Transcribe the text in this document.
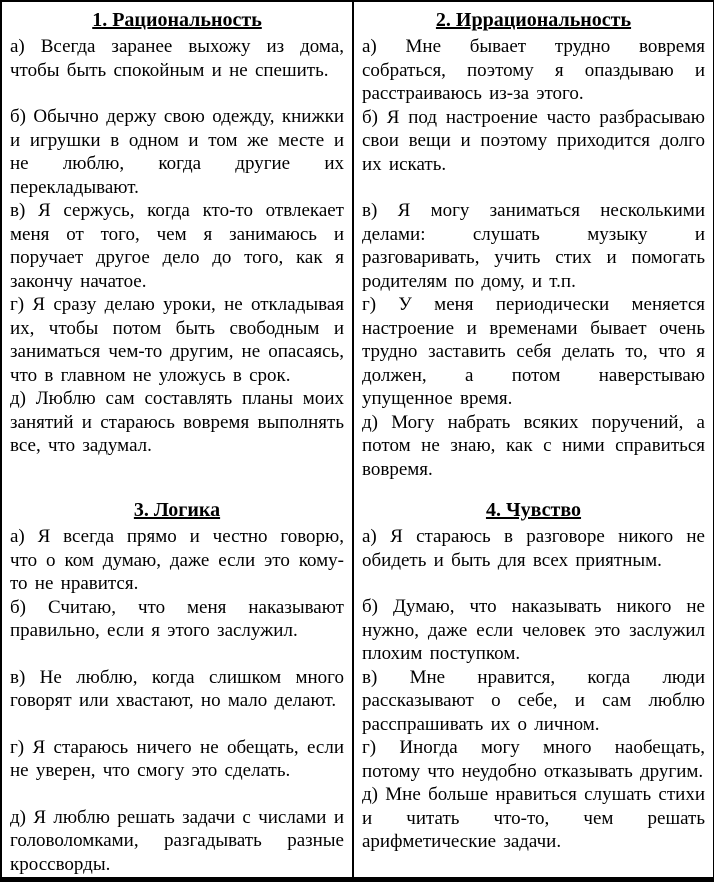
1. Рациональность

а) Всегда заранее выхожу из дома, чтобы быть спокойным и не спешить.

б) Обычно держу свою одежду, книжки и игрушки в одном и том же месте и не люблю, когда другие их перекладывают.

в) Я сержусь, когда кто-то отвлекает меня от того, чем я занимаюсь и поручает другое дело до того, как я закончу начатое.

г) Я сразу делаю уроки, не откладывая их, чтобы потом быть свободным и заниматься чем-то другим, не опасаясь, что в главном не уложусь в срок.

д) Люблю сам составлять планы моих занятий и стараюсь вовремя выполнять все, что задумал.

2. Иррациональность

а) Мне бывает трудно вовремя собраться, поэтому я опаздываю и расстраиваюсь из-за этого.

б) Я под настроение часто разбрасываю свои вещи и поэтому приходится долго их искать.

в) Я могу заниматься несколькими делами: слушать музыку и разговаривать, учить стих и помогать родителям по дому, и т.п.

г) У меня периодически меняется настроение и временами бывает очень трудно заставить себя делать то, что я должен, а потом наверстываю упущенное время.

д) Могу набрать всяких поручений, а потом не знаю, как с ними справиться вовремя.

3. Логика

а) Я всегда прямо и честно говорю, что о ком думаю, даже если это кому-то не нравится.

б) Считаю, что меня наказывают правильно, если я этого заслужил.

в) Не люблю, когда слишком много говорят или хвастают, но мало делают.

г) Я стараюсь ничего не обещать, если не уверен, что смогу это сделать.

д) Я люблю решать задачи с числами и головоломками, разгадывать разные кроссворды.

4. Чувство

а) Я стараюсь в разговоре никого не обидеть и быть для всех приятным.

б) Думаю, что наказывать никого не нужно, даже если человек это заслужил плохим поступком.

в) Мне нравится, когда люди рассказывают о себе, и сам люблю расспрашивать их о личном.

г) Иногда могу много наобещать, потому что неудобно отказывать другим.

д) Мне больше нравиться слушать стихи и читать что-то, чем решать арифметические задачи.
